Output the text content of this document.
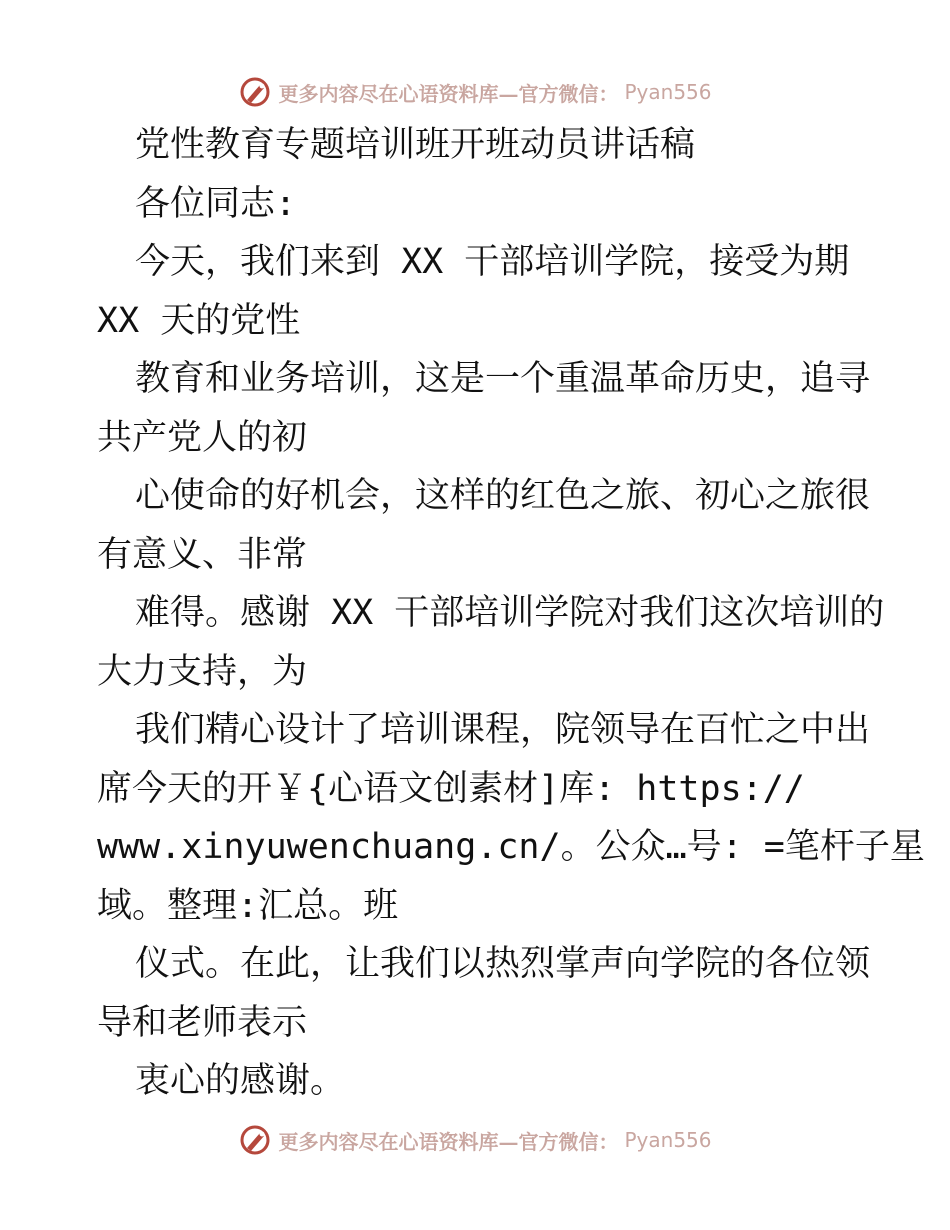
更多内容尽在心语资料库—官方微信： Pyan556
党性教育专题培训班开班动员讲话稿
各位同志:
今天，我们来到 XX 干部培训学院，接受为期
XX 天的党性
教育和业务培训，这是一个重温革命历史，追寻
共产党人的初
心使命的好机会，这样的红色之旅、初心之旅很
有意义、非常
难得。感谢 XX 干部培训学院对我们这次培训的
大力支持，为
我们精心设计了培训课程，院领导在百忙之中出
席今天的开￥{心语文创素材]库: https://
www.xinyuwenchuang.cn/。公众…号: =笔杆子星
域。整理:汇总。班
仪式。在此，让我们以热烈掌声向学院的各位领
导和老师表示
衷心的感谢。
更多内容尽在心语资料库—官方微信： Pyan556
